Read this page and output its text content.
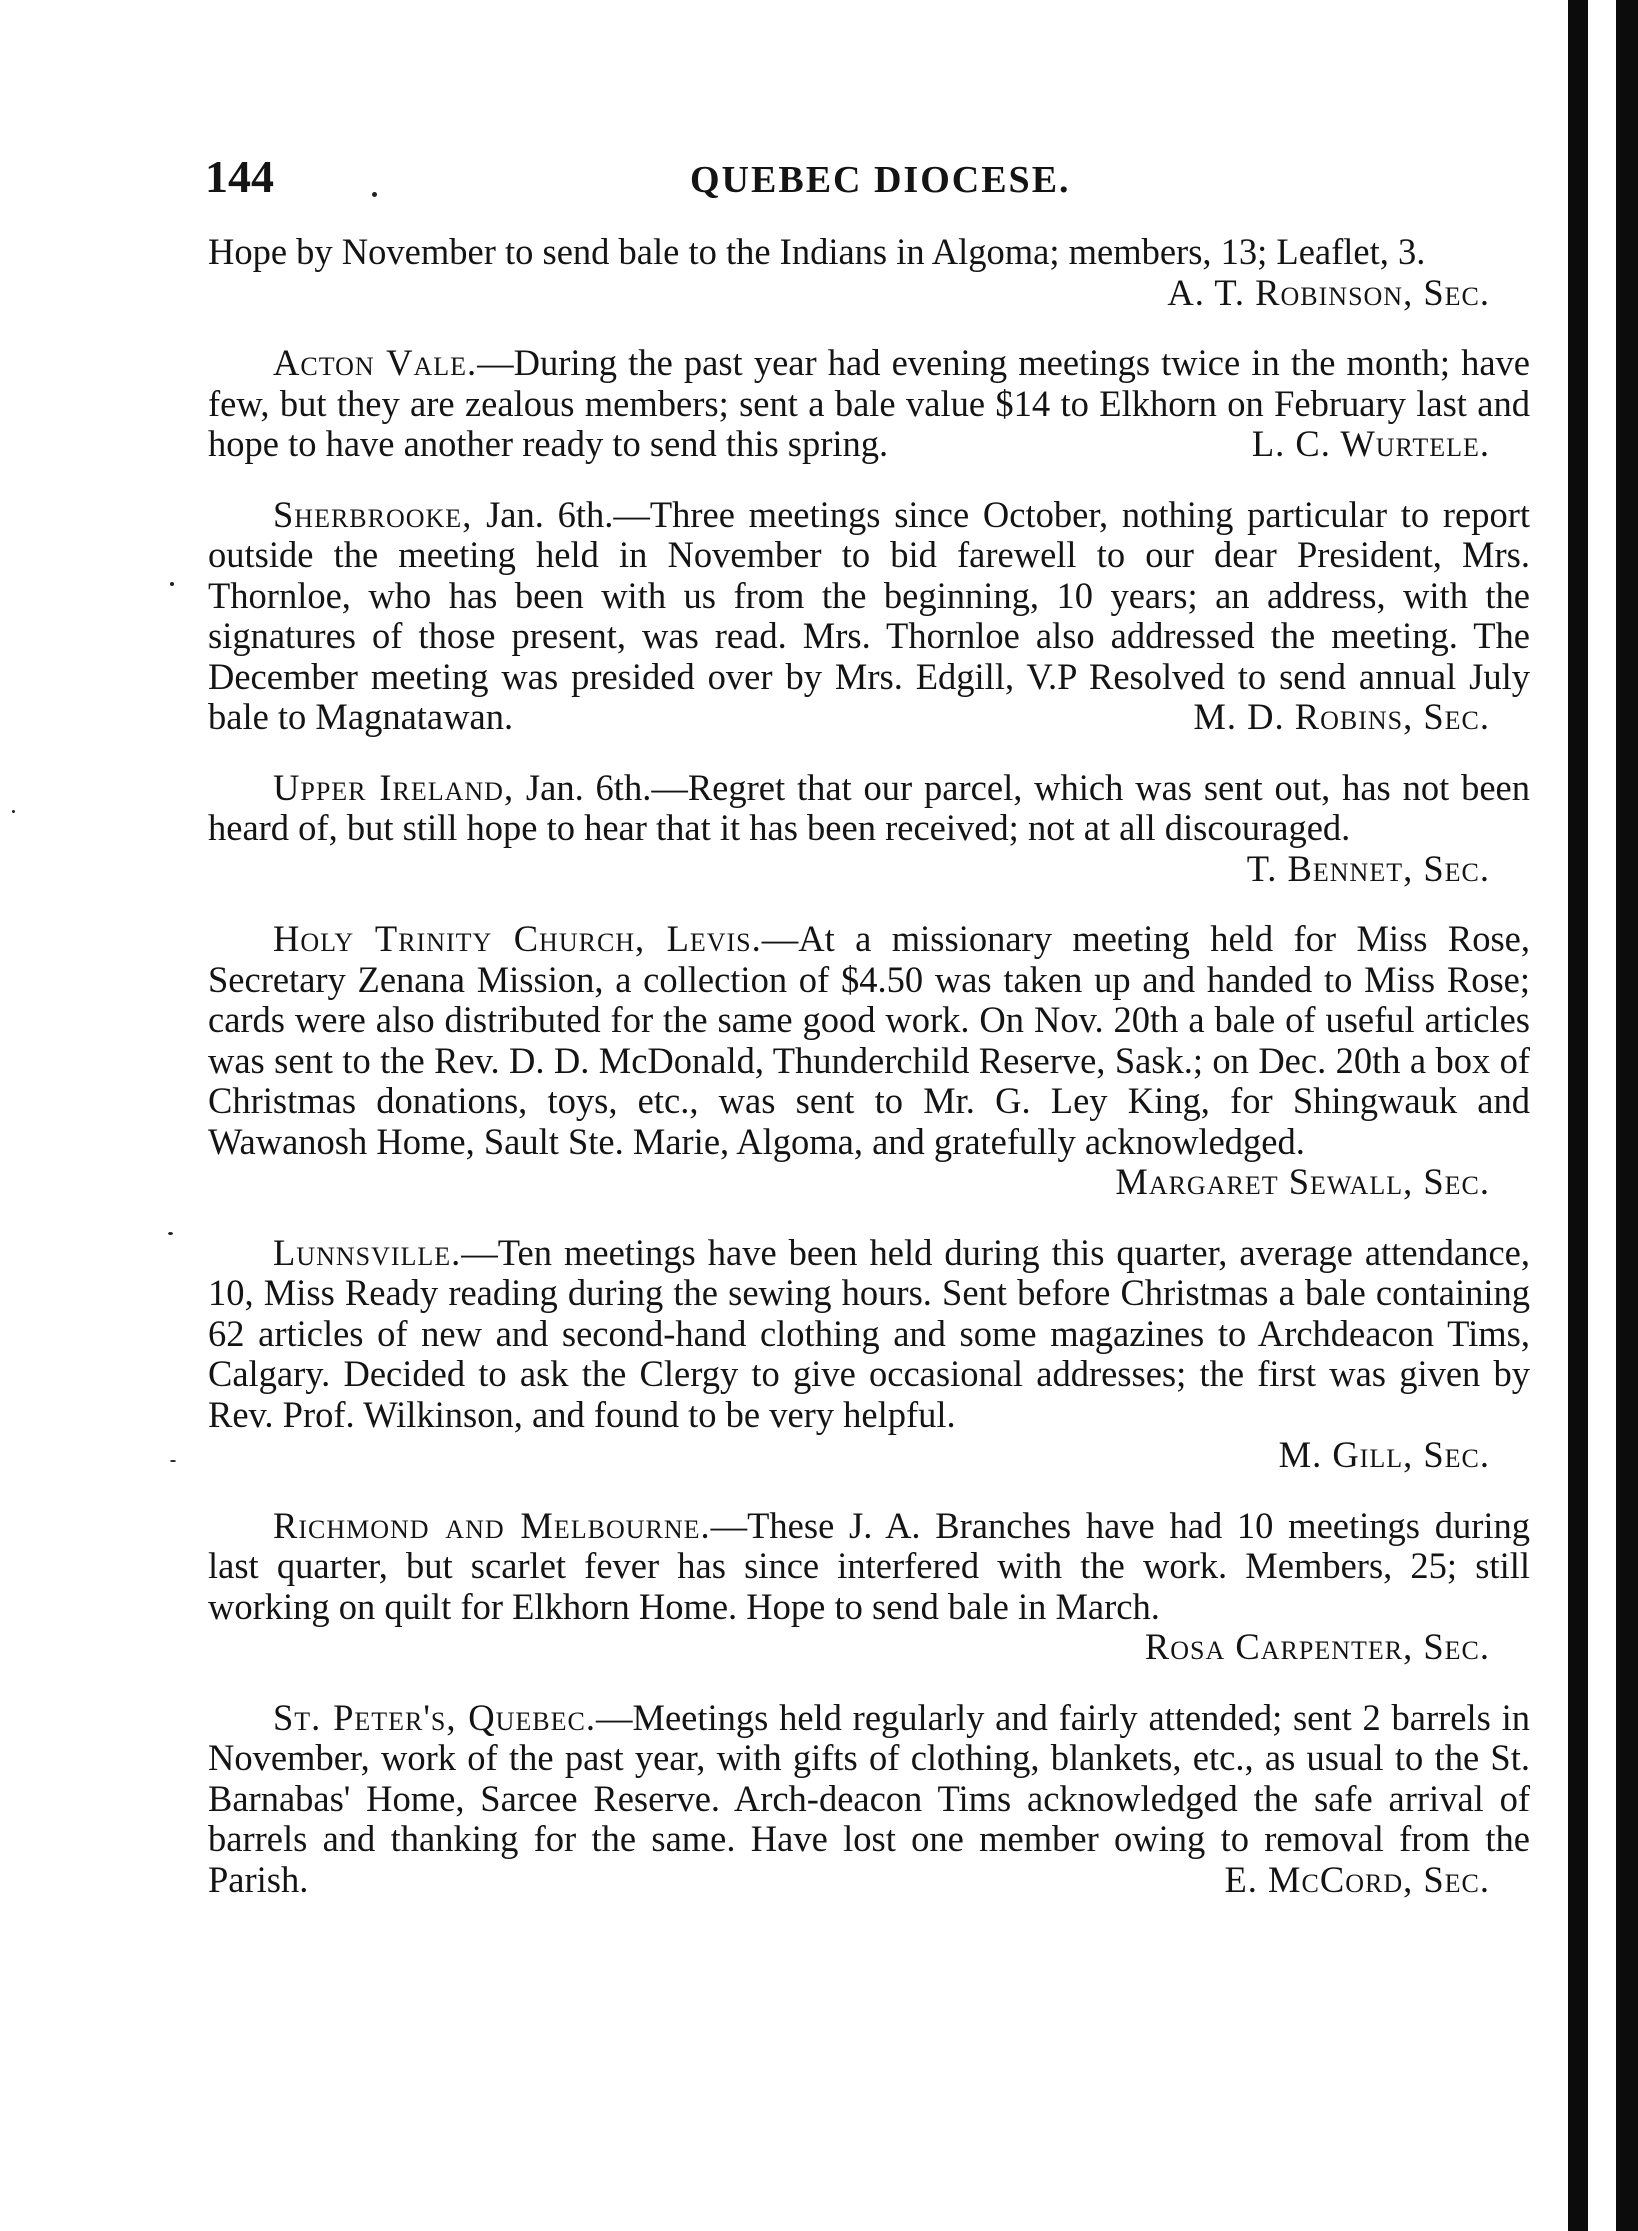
144	QUEBEC DIOCESE.
Hope by November to send bale to the Indians in Algoma; members, 13; Leaflet, 3.
A. T. Robinson, Sec.
Acton Vale.—During the past year had evening meetings twice in the month; have few, but they are zealous members; sent a bale value $14 to Elkhorn on February last and hope to have another ready to send this spring.	L. C. Wurtele.
Sherbrooke, Jan. 6th.—Three meetings since October, nothing particular to report outside the meeting held in November to bid farewell to our dear President, Mrs. Thornloe, who has been with us from the beginning, 10 years; an address, with the signatures of those present, was read. Mrs. Thornloe also addressed the meeting. The December meeting was presided over by Mrs. Edgill, V.P Resolved to send annual July bale to Magnatawan.	M. D. Robins, Sec.
Upper Ireland, Jan. 6th.—Regret that our parcel, which was sent out, has not been heard of, but still hope to hear that it has been received; not at all discouraged.
T. Bennet, Sec.
Holy Trinity Church, Levis.—At a missionary meeting held for Miss Rose, Secretary Zenana Mission, a collection of $4.50 was taken up and handed to Miss Rose; cards were also distributed for the same good work. On Nov. 20th a bale of useful articles was sent to the Rev. D. D. McDonald, Thunderchild Reserve, Sask.; on Dec. 20th a box of Christmas donations, toys, etc., was sent to Mr. G. Ley King, for Shingwauk and Wawanosh Home, Sault Ste. Marie, Algoma, and gratefully acknowledged.
Margaret Sewall, Sec.
Lunnsville.—Ten meetings have been held during this quarter, average attendance, 10, Miss Ready reading during the sewing hours. Sent before Christmas a bale containing 62 articles of new and second-hand clothing and some magazines to Archdeacon Tims, Calgary. Decided to ask the Clergy to give occasional addresses; the first was given by Rev. Prof. Wilkinson, and found to be very helpful.
M. Gill, Sec.
Richmond and Melbourne.—These J. A. Branches have had 10 meetings during last quarter, but scarlet fever has since interfered with the work. Members, 25; still working on quilt for Elkhorn Home. Hope to send bale in March.
Rosa Carpenter, Sec.
St. Peter's, Quebec.—Meetings held regularly and fairly attended; sent 2 barrels in November, work of the past year, with gifts of clothing, blankets, etc., as usual to the St. Barnabas' Home, Sarcee Reserve. Arch-deacon Tims acknowledged the safe arrival of barrels and thanking for the same. Have lost one member owing to removal from the Parish.	E. McCord, Sec.
